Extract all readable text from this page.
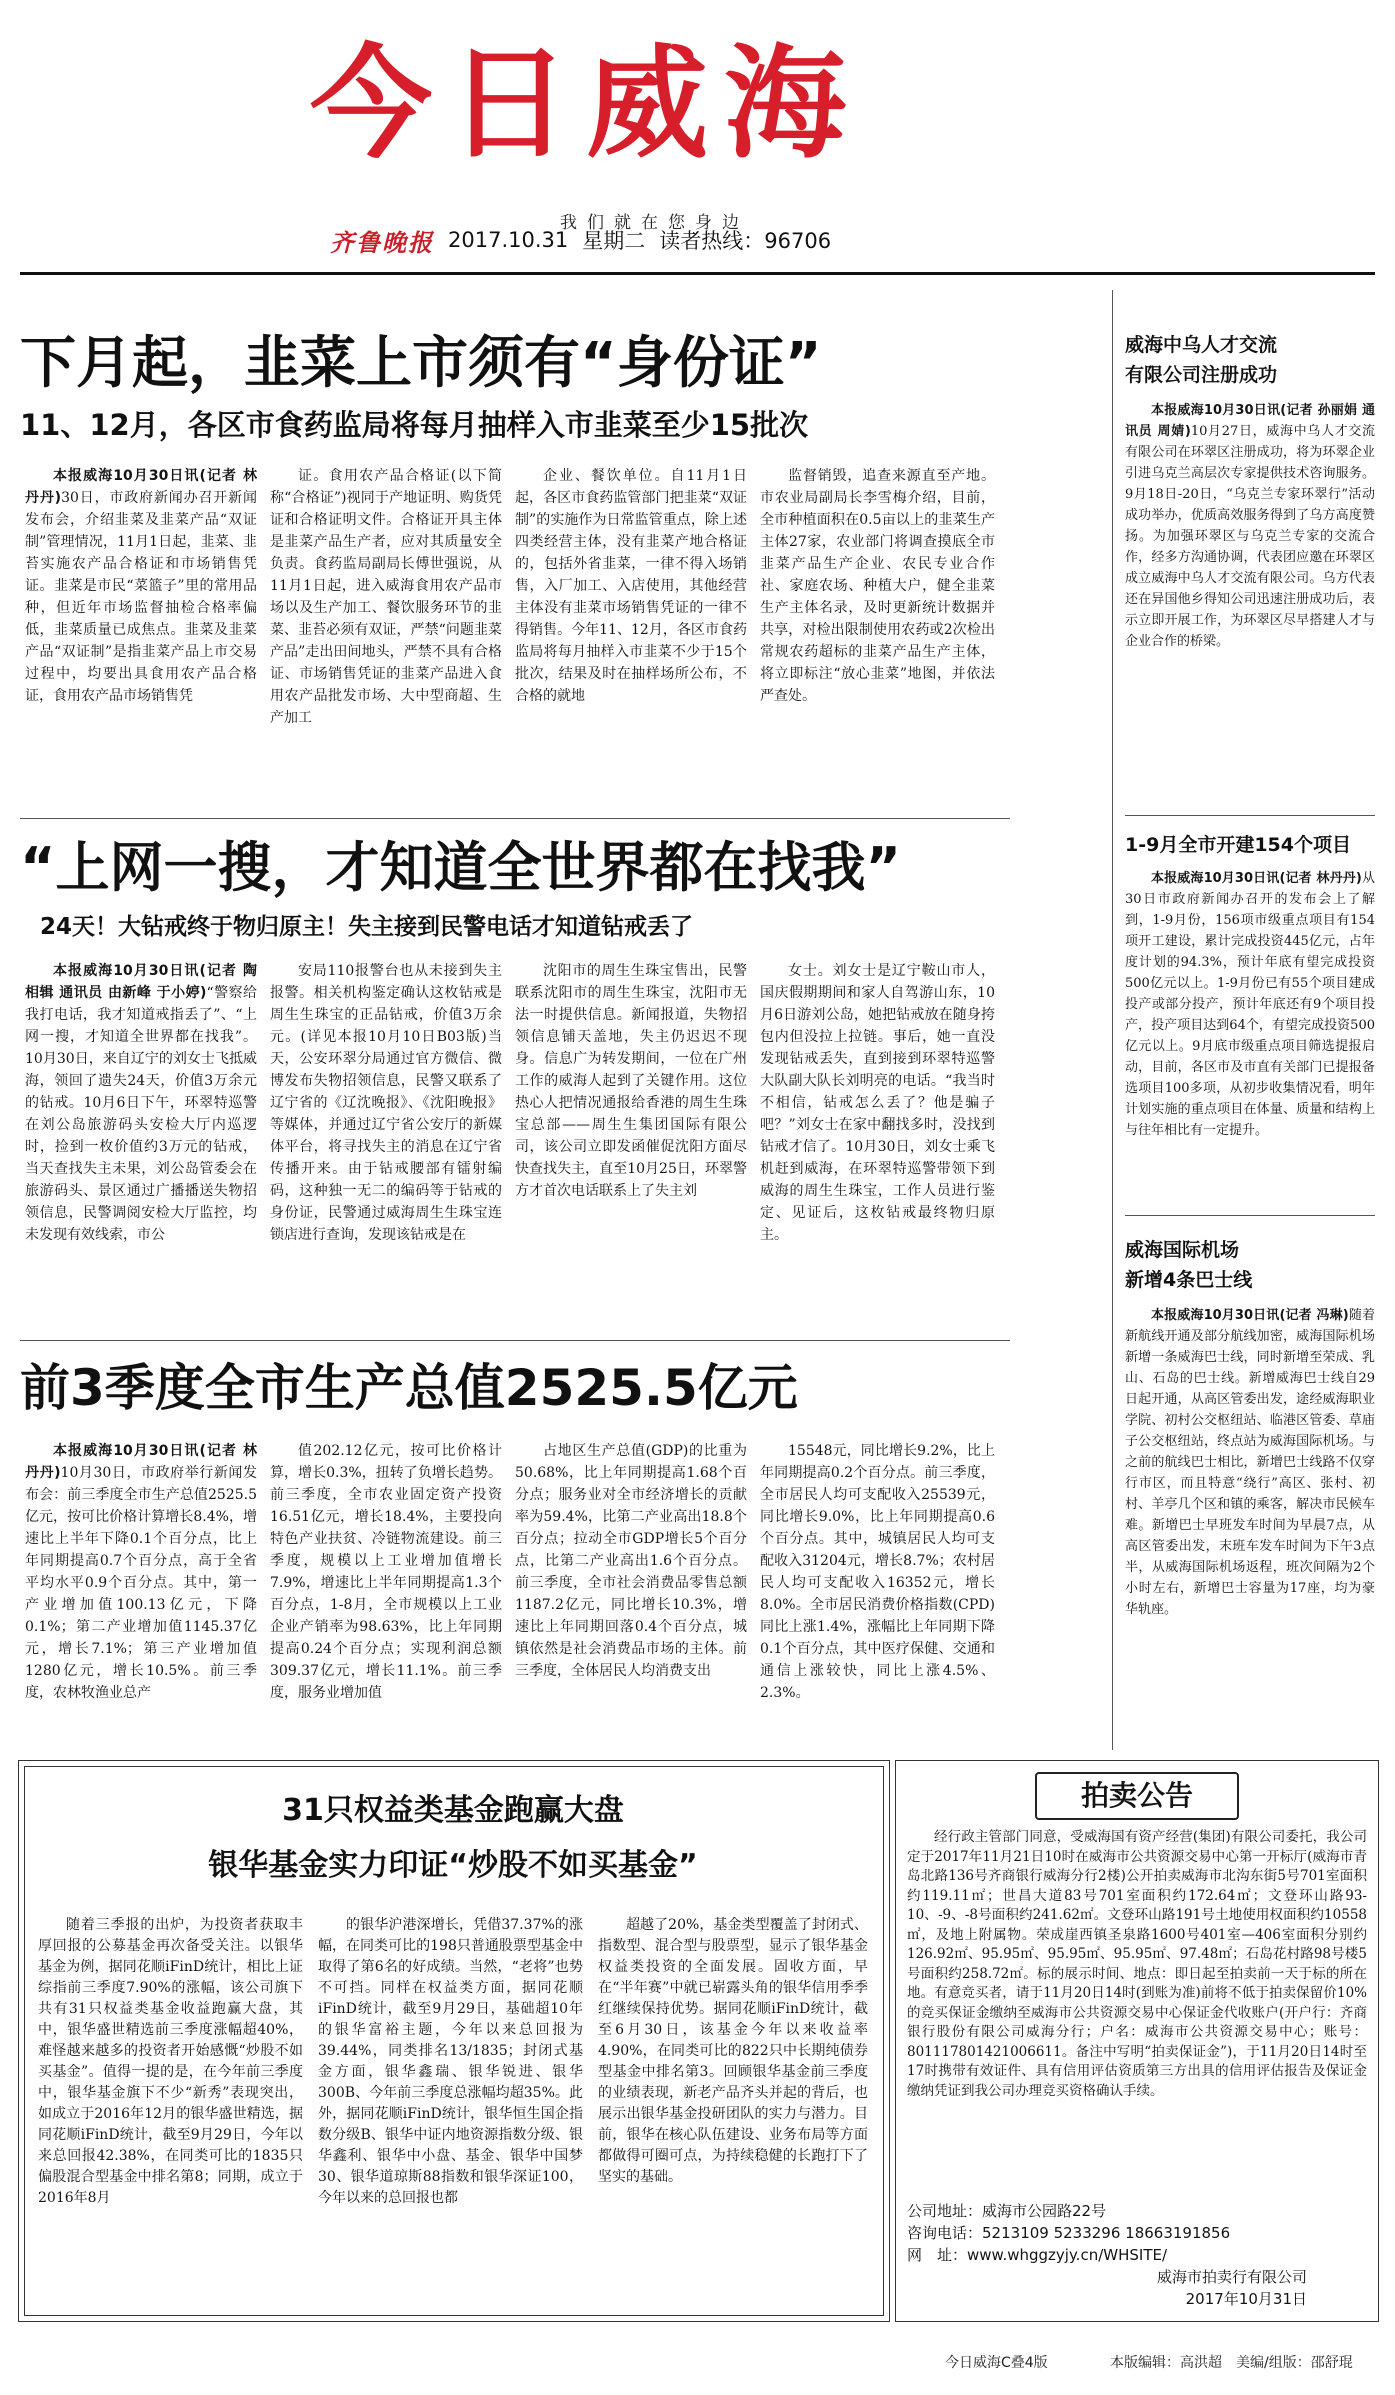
今日威海
我们就在您身边
齐鲁晚报 2017.10.31 星期二 读者热线：96706
下月起，韭菜上市须有“身份证”
11、12月，各区市食药监局将每月抽样入市韭菜至少15批次

本报威海10月30日讯(记者 林丹丹)30日，市政府新闻办召开新闻发布会，介绍韭菜及韭菜产品“双证制”管理情况，11月1日起，韭菜、韭苔实施农产品合格证和市场销售凭证。韭菜是市民“菜篮子”里的常用品种，但近年市场监督抽检合格率偏低，韭菜质量已成焦点。韭菜及韭菜产品“双证制”是指韭菜产品上市交易过程中，均要出具食用农产品合格证，食用农产品市场销售凭

证。食用农产品合格证(以下简称“合格证”)视同于产地证明、购货凭证和合格证明文件。合格证开具主体是韭菜产品生产者，应对其质量安全负责。食药监局副局长傅世强说，从11月1日起，进入威海食用农产品市场以及生产加工、餐饮服务环节的韭菜、韭苔必须有双证，严禁“问题韭菜产品”走出田间地头，严禁不具有合格证、市场销售凭证的韭菜产品进入食用农产品批发市场、大中型商超、生产加工

企业、餐饮单位。自11月1日起，各区市食药监管部门把韭菜“双证制”的实施作为日常监管重点，除上述四类经营主体，没有韭菜产地合格证的，包括外省韭菜，一律不得入场销售，入厂加工、入店使用，其他经营主体没有韭菜市场销售凭证的一律不得销售。今年11、12月，各区市食药监局将每月抽样入市韭菜不少于15个批次，结果及时在抽样场所公布，不合格的就地

监督销毁，追查来源直至产地。市农业局副局长李雪梅介绍，目前，全市种植面积在0.5亩以上的韭菜生产主体27家，农业部门将调查摸底全市韭菜产品生产企业、农民专业合作社、家庭农场、种植大户，健全韭菜生产主体名录，及时更新统计数据并共享，对检出限制使用农药或2次检出常规农药超标的韭菜产品生产主体，将立即标注“放心韭菜”地图，并依法严查处。

“上网一搜，才知道全世界都在找我”
24天！大钻戒终于物归原主！失主接到民警电话才知道钻戒丢了

本报威海10月30日讯(记者 陶相辑 通讯员 由新峰 于小婷)“警察给我打电话，我才知道戒指丢了”、“上网一搜，才知道全世界都在找我”。10月30日，来自辽宁的刘女士飞抵威海，领回了遗失24天，价值3万余元的钻戒。10月6日下午，环翠特巡警在刘公岛旅游码头安检大厅内巡逻时，捡到一枚价值约3万元的钻戒，当天查找失主未果，刘公岛管委会在旅游码头、景区通过广播播送失物招领信息，民警调阅安检大厅监控，均未发现有效线索，市公

安局110报警台也从未接到失主报警。相关机构鉴定确认这枚钻戒是周生生珠宝的正品钻戒，价值3万余元。(详见本报10月10日B03版)当天，公安环翠分局通过官方微信、微博发布失物招领信息，民警又联系了辽宁省的《辽沈晚报》、《沈阳晚报》等媒体，并通过辽宁省公安厅的新媒体平台，将寻找失主的消息在辽宁省传播开来。由于钻戒腰部有镭射编码，这种独一无二的编码等于钻戒的身份证，民警通过威海周生生珠宝连锁店进行查询，发现该钻戒是在

沈阳市的周生生珠宝售出，民警联系沈阳市的周生生珠宝，沈阳市无法一时提供信息。新闻报道，失物招领信息铺天盖地，失主仍迟迟不现身。信息广为转发期间，一位在广州工作的威海人起到了关键作用。这位热心人把情况通报给香港的周生生珠宝总部——周生生集团国际有限公司，该公司立即发函催促沈阳方面尽快查找失主，直至10月25日，环翠警方才首次电话联系上了失主刘

女士。刘女士是辽宁鞍山市人，国庆假期期间和家人自驾游山东，10月6日游刘公岛，她把钻戒放在随身挎包内但没拉上拉链。事后，她一直没发现钻戒丢失，直到接到环翠特巡警大队副大队长刘明亮的电话。“我当时不相信，钻戒怎么丢了？他是骗子吧？”刘女士在家中翻找多时，没找到钻戒才信了。10月30日，刘女士乘飞机赶到威海，在环翠特巡警带领下到威海的周生生珠宝，工作人员进行鉴定、见证后，这枚钻戒最终物归原主。

前3季度全市生产总值2525.5亿元

本报威海10月30日讯(记者 林丹丹)10月30日，市政府举行新闻发布会：前三季度全市生产总值2525.5亿元，按可比价格计算增长8.4%，增速比上半年下降0.1个百分点，比上年同期提高0.7个百分点，高于全省平均水平0.9个百分点。其中，第一产业增加值100.13亿元，下降0.1%；第二产业增加值1145.37亿元，增长7.1%；第三产业增加值1280亿元，增长10.5%。前三季度，农林牧渔业总产

值202.12亿元，按可比价格计算，增长0.3%，扭转了负增长趋势。前三季度，全市农业固定资产投资16.51亿元，增长18.4%，主要投向特色产业扶贫、冷链物流建设。前三季度，规模以上工业增加值增长7.9%，增速比上半年同期提高1.3个百分点，1-8月，全市规模以上工业企业产销率为98.63%，比上年同期提高0.24个百分点；实现利润总额309.37亿元，增长11.1%。前三季度，服务业增加值

占地区生产总值(GDP)的比重为50.68%，比上年同期提高1.68个百分点；服务业对全市经济增长的贡献率为59.4%，比第二产业高出18.8个百分点；拉动全市GDP增长5个百分点，比第二产业高出1.6个百分点。前三季度，全市社会消费品零售总额1187.2亿元，同比增长10.3%，增速比上年同期回落0.4个百分点，城镇依然是社会消费品市场的主体。前三季度，全体居民人均消费支出

15548元，同比增长9.2%，比上年同期提高0.2个百分点。前三季度，全市居民人均可支配收入25539元，同比增长9.0%，比上年同期提高0.6个百分点。其中，城镇居民人均可支配收入31204元，增长8.7%；农村居民人均可支配收入16352元，增长8.0%。全市居民消费价格指数(CPD)同比上涨1.4%，涨幅比上年同期下降0.1个百分点，其中医疗保健、交通和通信上涨较快，同比上涨4.5%、2.3%。

威海中乌人才交流
有限公司注册成功

本报威海10月30日讯(记者 孙丽娟 通讯员 周婧)10月27日，威海中乌人才交流有限公司在环翠区注册成功，将为环翠企业引进乌克兰高层次专家提供技术咨询服务。9月18日-20日，“乌克兰专家环翠行”活动成功举办，优质高效服务得到了乌方高度赞扬。为加强环翠区与乌克兰专家的交流合作，经多方沟通协调，代表团应邀在环翠区成立威海中乌人才交流有限公司。乌方代表还在异国他乡得知公司迅速注册成功后，表示立即开展工作，为环翠区尽早搭建人才与企业合作的桥梁。

1-9月全市开建154个项目

本报威海10月30日讯(记者 林丹丹)从30日市政府新闻办召开的发布会上了解到，1-9月份，156项市级重点项目有154项开工建设，累计完成投资445亿元，占年度计划的94.3%，预计年底有望完成投资500亿元以上。1-9月份已有55个项目建成投产或部分投产，预计年底还有9个项目投产，投产项目达到64个，有望完成投资500亿元以上。9月底市级重点项目筛选提报启动，目前，各区市及市直有关部门已提报备选项目100多项，从初步收集情况看，明年计划实施的重点项目在体量、质量和结构上与往年相比有一定提升。

威海国际机场
新增4条巴士线

本报威海10月30日讯(记者 冯琳)随着新航线开通及部分航线加密，威海国际机场新增一条威海巴士线，同时新增至荣成、乳山、石岛的巴士线。新增威海巴士线自29日起开通，从高区管委出发，途经威海职业学院、初村公交枢纽站、临港区管委、草庙子公交枢纽站，终点站为威海国际机场。与之前的航线巴士相比，新增巴士线路不仅穿行市区，而且特意“绕行”高区、张村、初村、羊亭几个区和镇的乘客，解决市民候车难。新增巴士早班发车时间为早晨7点，从高区管委出发，末班车发车时间为下午3点半，从威海国际机场返程，班次间隔为2个小时左右，新增巴士容量为17座，均为豪华轨座。

31只权益类基金跑赢大盘
银华基金实力印证“炒股不如买基金”

随着三季报的出炉，为投资者获取丰厚回报的公募基金再次备受关注。以银华基金为例，据同花顺iFinD统计，相比上证综指前三季度7.90%的涨幅，该公司旗下共有31只权益类基金收益跑赢大盘，其中，银华盛世精选前三季度涨幅超40%，难怪越来越多的投资者开始感慨“炒股不如买基金”。值得一提的是，在今年前三季度中，银华基金旗下不少“新秀”表现突出，如成立于2016年12月的银华盛世精选，据同花顺iFinD统计，截至9月29日，今年以来总回报42.38%，在同类可比的1835只偏股混合型基金中排名第8；同期，成立于2016年8月

的银华沪港深增长，凭借37.37%的涨幅，在同类可比的198只普通股票型基金中取得了第6名的好成绩。当然，“老将”也势不可挡。同样在权益类方面，据同花顺iFinD统计，截至9月29日，基础超10年的银华富裕主题，今年以来总回报为39.44%，同类排名13/1835；封闭式基金方面，银华鑫瑞、银华锐进、银华300B、今年前三季度总涨幅均超35%。此外，据同花顺iFinD统计，银华恒生国企指数分级B、银华中证内地资源指数分级、银华鑫利、银华中小盘、基金、银华中国梦30、银华道琼斯88指数和银华深证100，今年以来的总回报也都

超越了20%，基金类型覆盖了封闭式、指数型、混合型与股票型，显示了银华基金权益类投资的全面发展。固收方面，早在“半年赛”中就已崭露头角的银华信用季季红继续保持优势。据同花顺iFinD统计，截至6月30日，该基金今年以来收益率4.90%，在同类可比的822只中长期纯债券型基金中排名第3。回顾银华基金前三季度的业绩表现，新老产品齐头并起的背后，也展示出银华基金投研团队的实力与潜力。目前，银华在核心队伍建设、业务布局等方面都做得可圈可点，为持续稳健的长跑打下了坚实的基础。

拍卖公告

经行政主管部门同意，受威海国有资产经营(集团)有限公司委托，我公司定于2017年11月21日10时在威海市公共资源交易中心第一开标厅(威海市青岛北路136号齐商银行威海分行2楼)公开拍卖威海市北沟东街5号701室面积约119.11㎡；世昌大道83号701室面积约172.64㎡；文登环山路93-10、-9、-8号面积约241.62㎡。文登环山路191号土地使用权面积约10558㎡，及地上附属物。荣成崖西镇圣泉路1600号401室—406室面积分别约126.92㎡、95.95㎡、95.95㎡、95.95㎡、97.48㎡；石岛花村路98号楼5号面积约258.72㎡。标的展示时间、地点：即日起至拍卖前一天于标的所在地。有意竞买者，请于11月20日14时(到账为准)前将不低于拍卖保留价10%的竞买保证金缴纳至威海市公共资源交易中心保证金代收账户(开户行：齐商银行股份有限公司威海分行；户名：威海市公共资源交易中心；账号：801117801421006611。备注中写明“拍卖保证金”)，于11月20日14时至17时携带有效证件、具有信用评估资质第三方出具的信用评估报告及保证金缴纳凭证到我公司办理竞买资格确认手续。

公司地址：威海市公园路22号
咨询电话：5213109 5233296 18663191856
网　址：www.whggzyjy.cn/WHSITE/
威海市拍卖行有限公司
2017年10月31日
今日威海C叠4版	本版编辑：高洪超　美编/组版：邵舒琨
